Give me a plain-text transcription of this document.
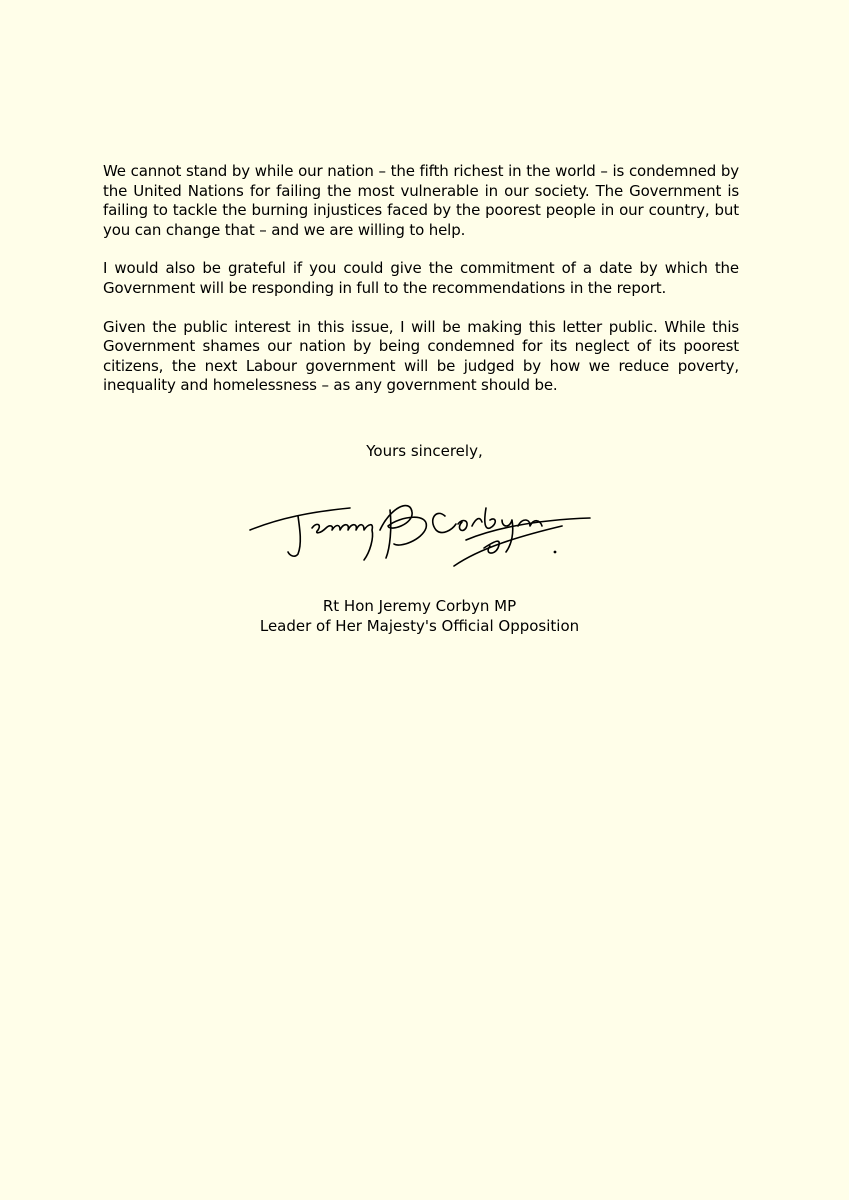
We cannot stand by while our nation – the fifth richest in the world – is condemned by the United Nations for failing the most vulnerable in our society. The Government is failing to tackle the burning injustices faced by the poorest people in our country, but you can change that – and we are willing to help.

I would also be grateful if you could give the commitment of a date by which the Government will be responding in full to the recommendations in the report.

Given the public interest in this issue, I will be making this letter public. While this Government shames our nation by being condemned for its neglect of its poorest citizens, the next Labour government will be judged by how we reduce poverty, inequality and homelessness – as any government should be.

Yours sincerely,
Rt Hon Jeremy Corbyn MP
Leader of Her Majesty's Official Opposition
